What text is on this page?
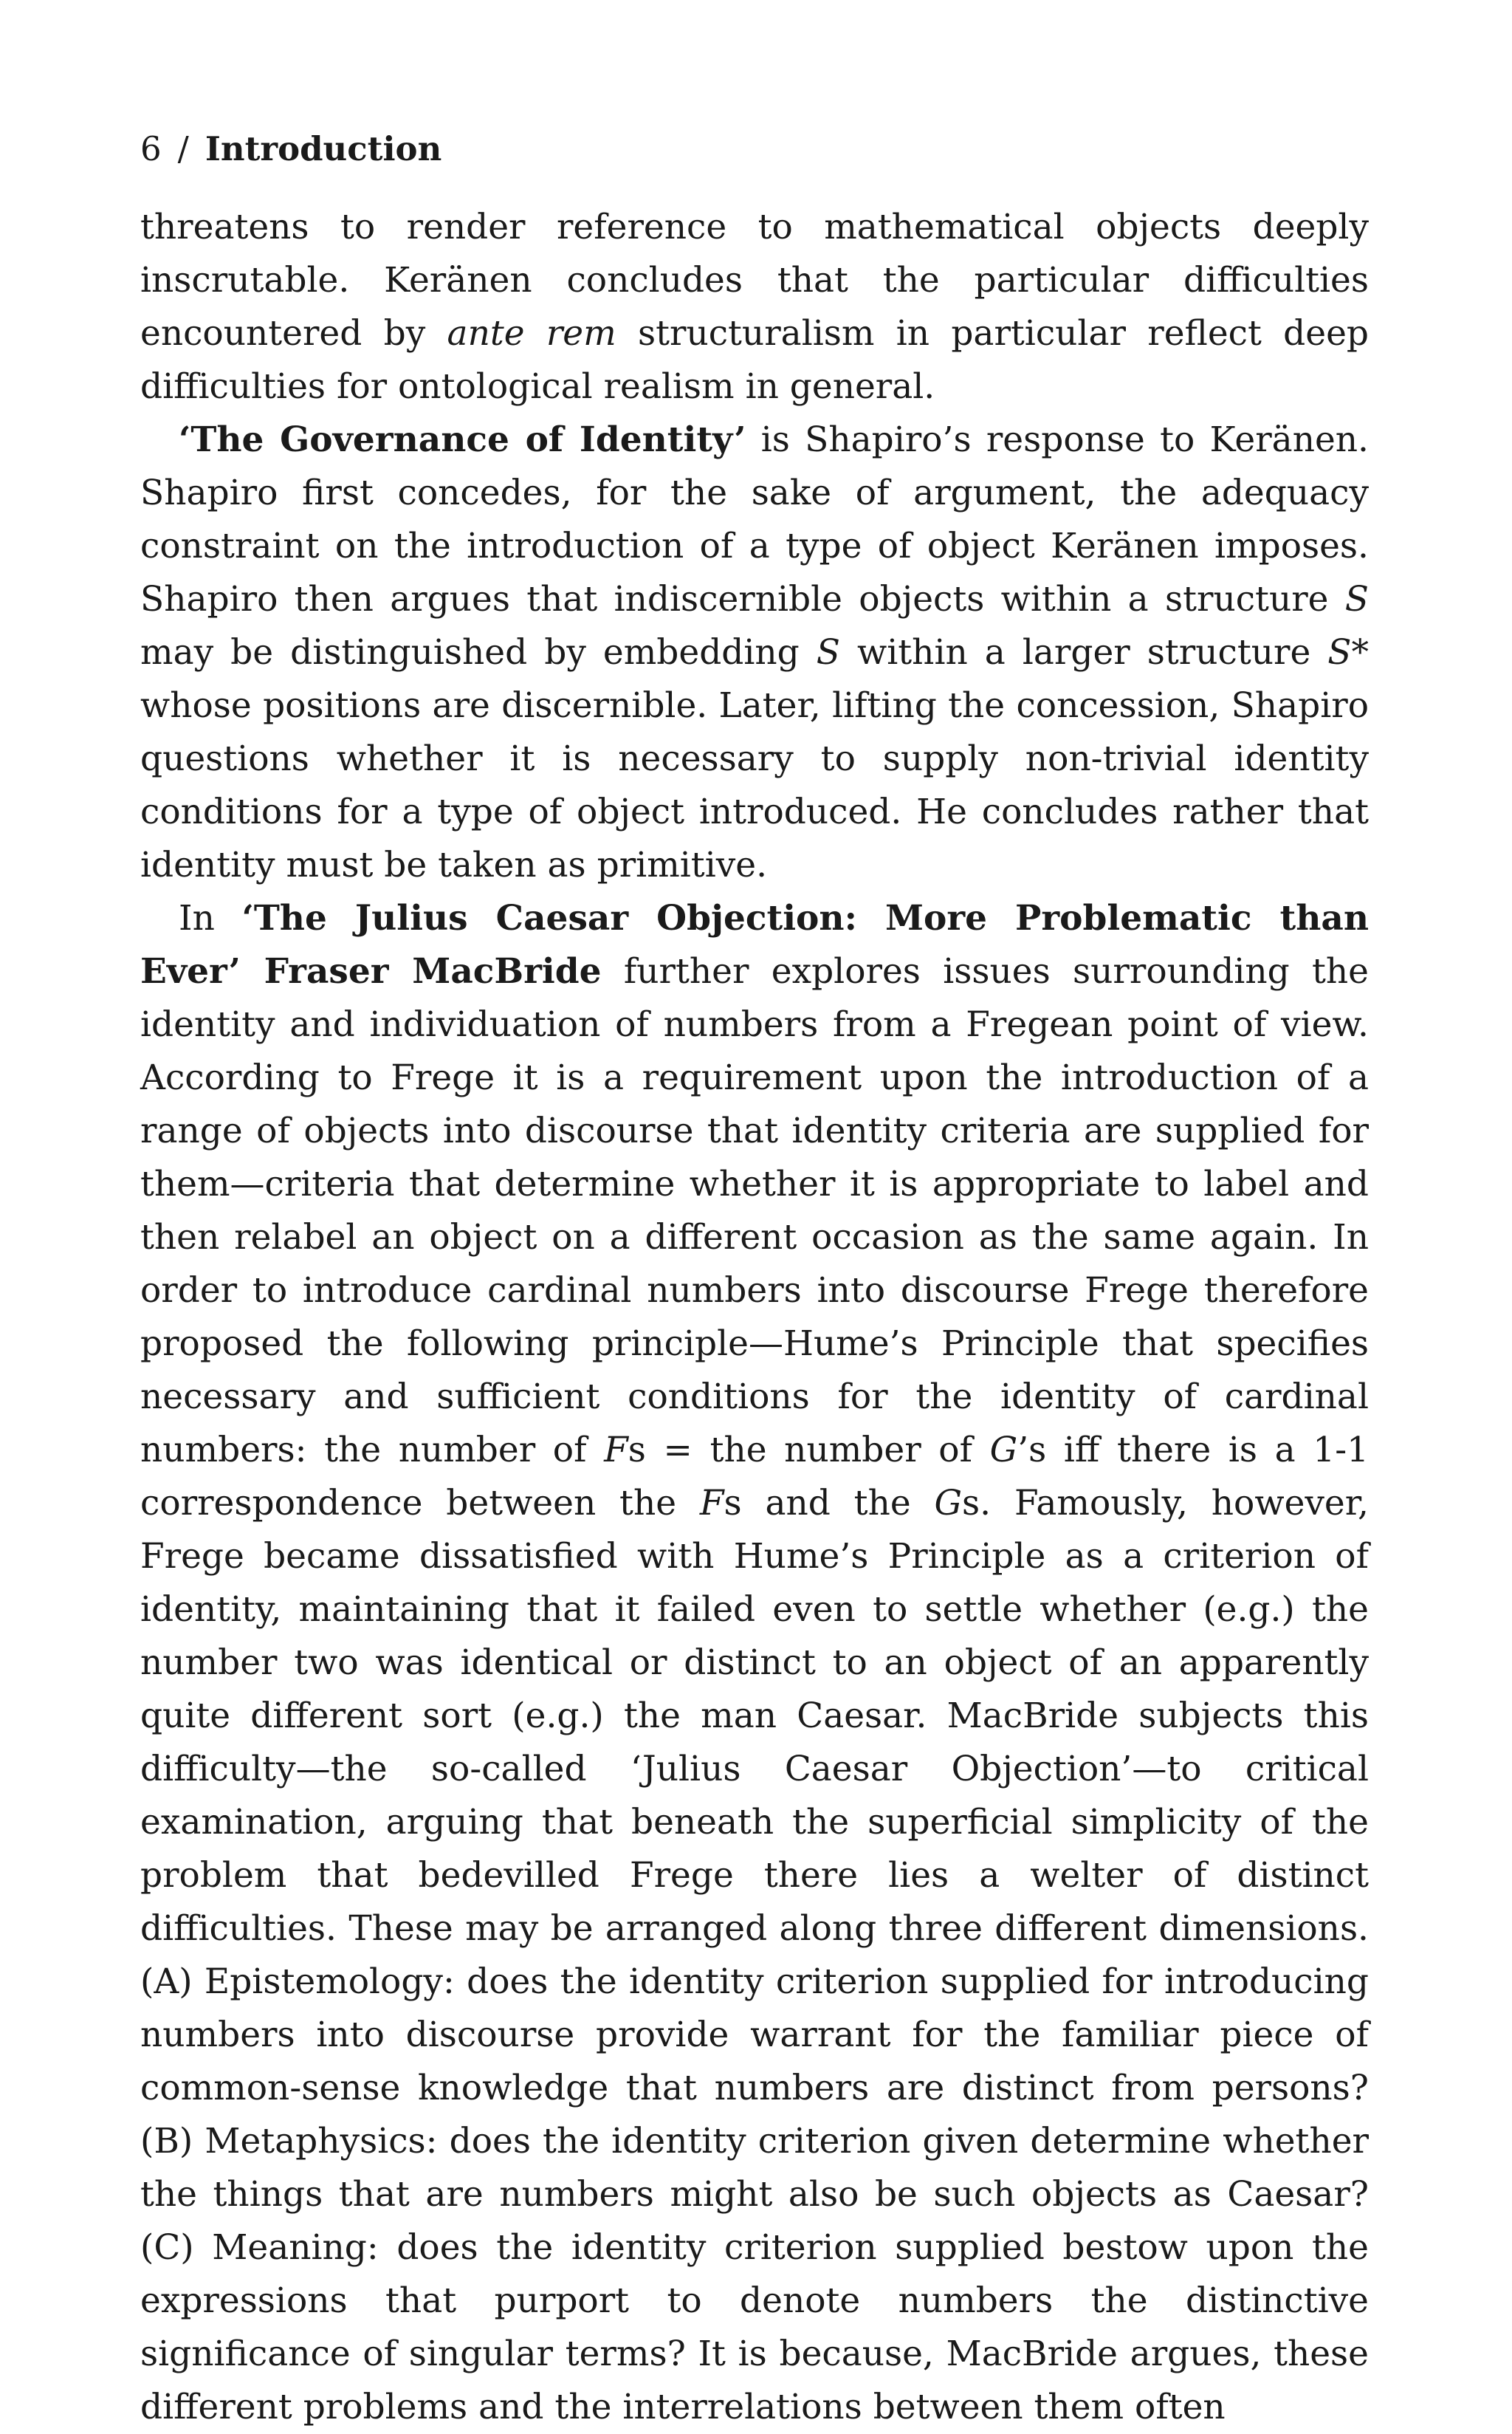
6 / Introduction

threatens to render reference to mathematical objects deeply inscrutable. Keränen concludes that the particular difficulties encountered by ante rem structuralism in particular reflect deep difficulties for ontological realism in general.

‘The Governance of Identity’ is Shapiro’s response to Keränen. Shapiro first concedes, for the sake of argument, the adequacy constraint on the introduction of a type of object Keränen imposes. Shapiro then argues that indiscernible objects within a structure S may be distinguished by embedding S within a larger structure S* whose positions are discernible. Later, lifting the concession, Shapiro questions whether it is necessary to supply non-trivial identity conditions for a type of object introduced. He concludes rather that identity must be taken as primitive.

In ‘The Julius Caesar Objection: More Problematic than Ever’ Fraser MacBride further explores issues surrounding the identity and individuation of numbers from a Fregean point of view. According to Frege it is a requirement upon the introduction of a range of objects into discourse that identity criteria are supplied for them—criteria that determine whether it is appropriate to label and then relabel an object on a different occasion as the same again. In order to introduce cardinal numbers into discourse Frege therefore proposed the following principle—Hume’s Principle that specifies necessary and sufficient conditions for the identity of cardinal numbers: the number of Fs = the number of G’s iff there is a 1-1 correspondence between the Fs and the Gs. Famously, however, Frege became dissatisfied with Hume’s Principle as a criterion of identity, maintaining that it failed even to settle whether (e.g.) the number two was identical or distinct to an object of an apparently quite different sort (e.g.) the man Caesar. MacBride subjects this difficulty—the so-called ‘Julius Caesar Objection’—to critical examination, arguing that beneath the superficial simplicity of the problem that bedevilled Frege there lies a welter of distinct difficulties. These may be arranged along three different dimensions. (A) Epistemology: does the identity criterion supplied for introducing numbers into discourse provide warrant for the familiar piece of common-sense knowledge that numbers are distinct from persons? (B) Metaphysics: does the identity criterion given determine whether the things that are numbers might also be such objects as Caesar? (C) Meaning: does the identity criterion supplied bestow upon the expressions that purport to denote numbers the distinctive significance of singular terms? It is because, MacBride argues, these different problems and the interrelations between them often
